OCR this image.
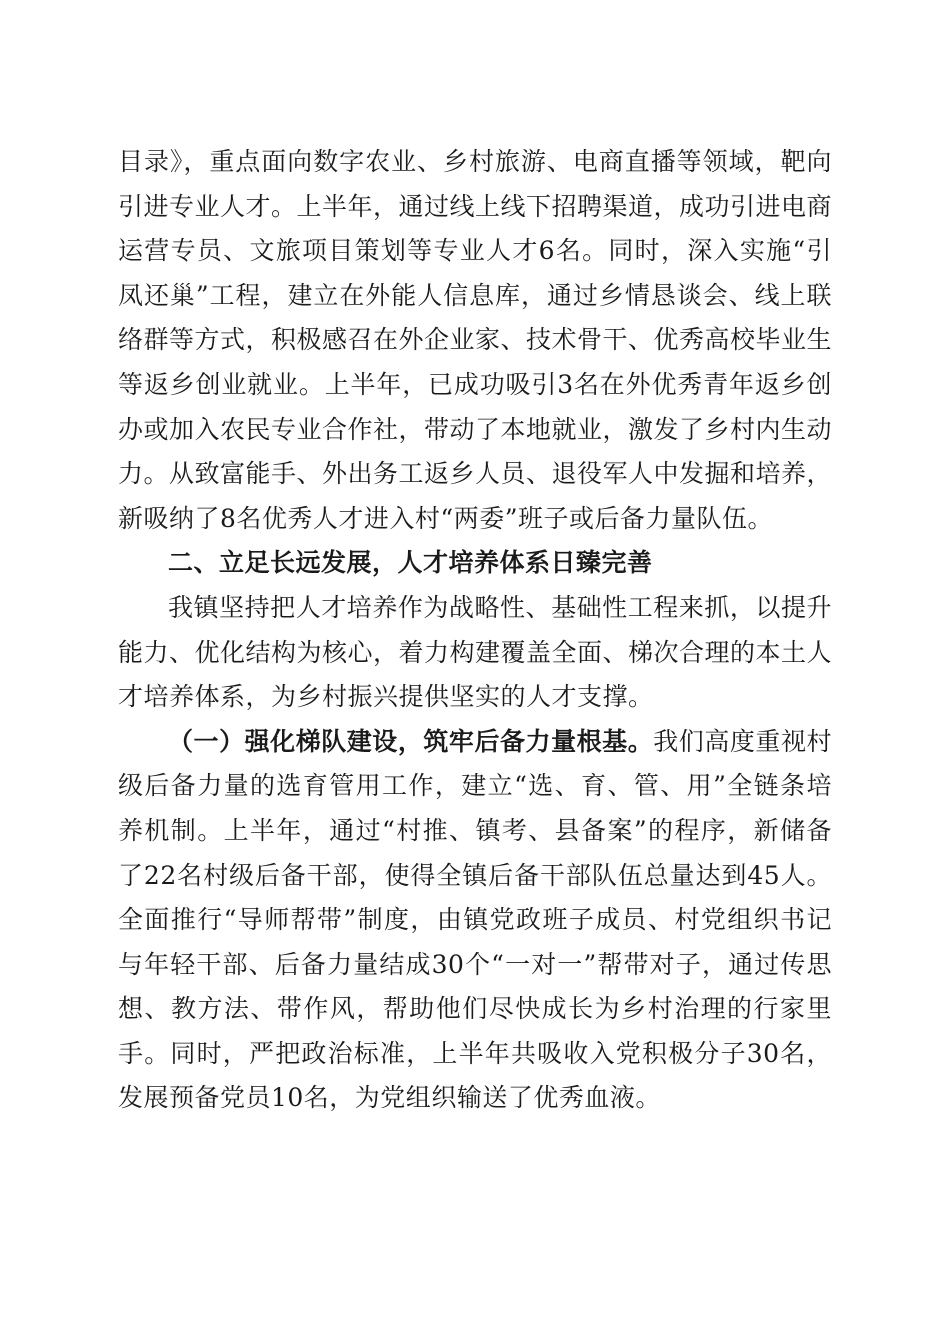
目录》，重点面向数字农业、乡村旅游、电商直播等领域，靶向引进专业人才。上半年，通过线上线下招聘渠道，成功引进电商运营专员、文旅项目策划等专业人才6名。同时，深入实施“引凤还巢”工程，建立在外能人信息库，通过乡情恳谈会、线上联络群等方式，积极感召在外企业家、技术骨干、优秀高校毕业生等返乡创业就业。上半年，已成功吸引3名在外优秀青年返乡创办或加入农民专业合作社，带动了本地就业，激发了乡村内生动力。从致富能手、外出务工返乡人员、退役军人中发掘和培养，新吸纳了8名优秀人才进入村“两委”班子或后备力量队伍。

二、立足长远发展，人才培养体系日臻完善

我镇坚持把人才培养作为战略性、基础性工程来抓，以提升能力、优化结构为核心，着力构建覆盖全面、梯次合理的本土人才培养体系，为乡村振兴提供坚实的人才支撑。

（一）强化梯队建设，筑牢后备力量根基。我们高度重视村级后备力量的选育管用工作，建立“选、育、管、用”全链条培养机制。上半年，通过“村推、镇考、县备案”的程序，新储备了22名村级后备干部，使得全镇后备干部队伍总量达到45人。全面推行“导师帮带”制度，由镇党政班子成员、村党组织书记与年轻干部、后备力量结成30个“一对一”帮带对子，通过传思想、教方法、带作风，帮助他们尽快成长为乡村治理的行家里手。同时，严把政治标准，上半年共吸收入党积极分子30名，发展预备党员10名，为党组织输送了优秀血液。
